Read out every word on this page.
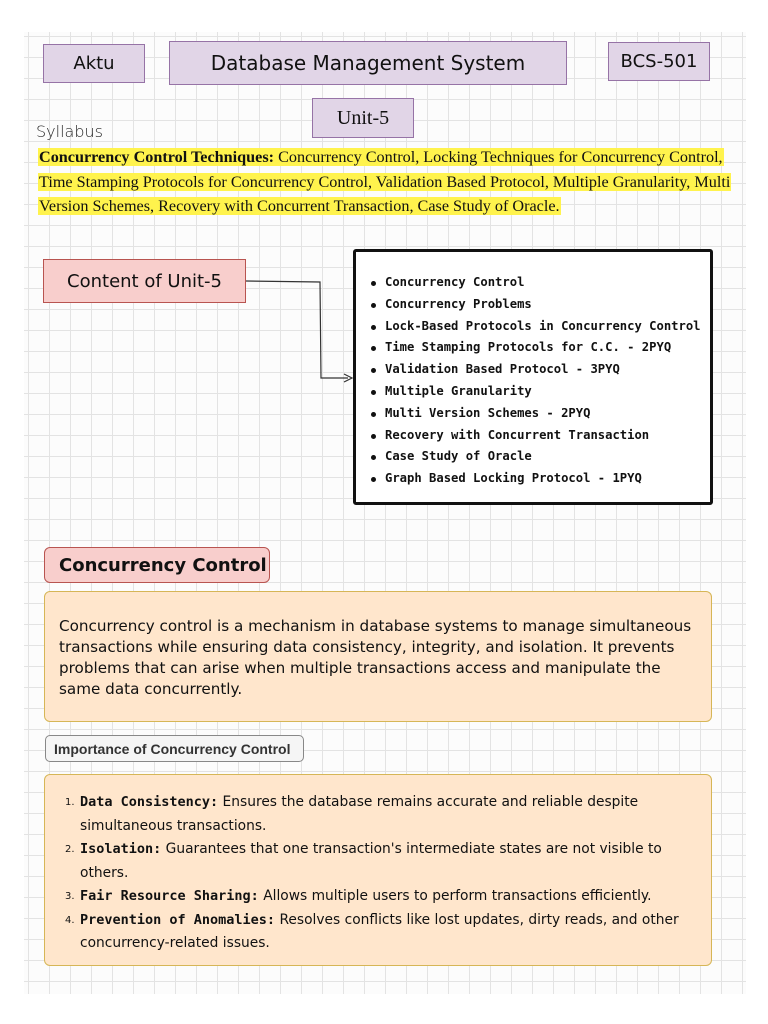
Aktu	Database Management System	BCS-501
Unit-5
Syllabus
Concurrency Control Techniques: Concurrency Control, Locking Techniques for Concurrency Control, Time Stamping Protocols for Concurrency Control, Validation Based Protocol, Multiple Granularity, Multi Version Schemes, Recovery with Concurrent Transaction, Case Study of Oracle.
Content of Unit-5	Concurrency Control
Concurrency Problems
Lock-Based Protocols in Concurrency Control
Time Stamping Protocols for C.C. - 2PYQ
Validation Based Protocol - 3PYQ
Multiple Granularity
Multi Version Schemes - 2PYQ
Recovery with Concurrent Transaction
Case Study of Oracle
Graph Based Locking Protocol - 1PYQ
Concurrency Control

Concurrency control is a mechanism in database systems to manage simultaneous transactions while ensuring data consistency, integrity, and isolation. It prevents problems that can arise when multiple transactions access and manipulate the same data concurrently.

Importance of Concurrency Control
1. Data Consistency: Ensures the database remains accurate and reliable despite simultaneous transactions.
2. Isolation: Guarantees that one transaction's intermediate states are not visible to others.
3. Fair Resource Sharing: Allows multiple users to perform transactions efficiently.
4. Prevention of Anomalies: Resolves conflicts like lost updates, dirty reads, and other concurrency-related issues.
